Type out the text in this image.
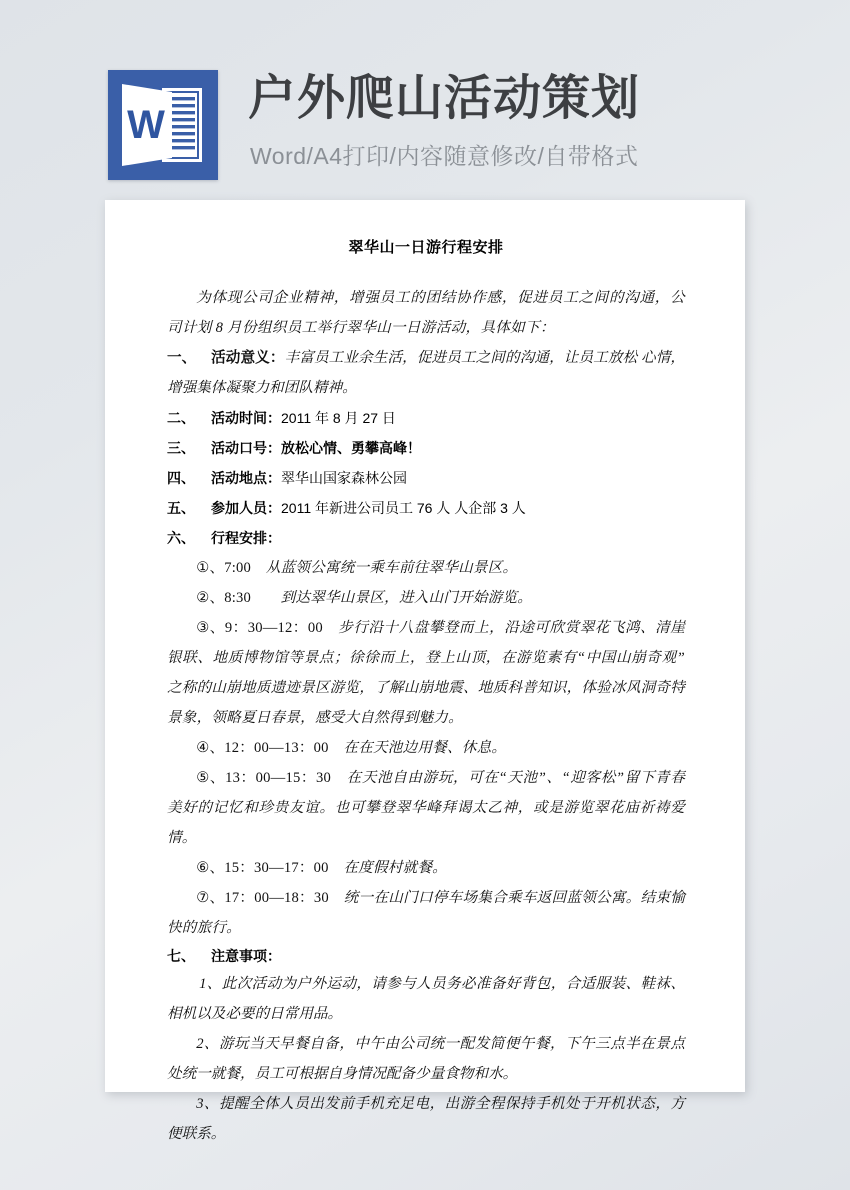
W 户外爬山活动策划
Word/A4打印/内容随意修改/自带格式
翠华山一日游行程安排

为体现公司企业精神，增强员工的团结协作感，促进员工之间的沟通，公司计划 8 月份组织员工举行翠华山一日游活动，具体如下：

一、 活动意义：丰富员工业余生活，促进员工之间的沟通，让员工放松 心情，增强集体凝聚力和团队精神。

二、 活动时间：2011 年 8 月 27 日

三、 活动口号：放松心情、勇攀高峰！

四、 活动地点：翠华山国家森林公园

五、 参加人员：2011 年新进公司员工 76 人 人企部 3 人

六、 行程安排：

①、7:00　 从蓝领公寓统一乘车前往翠华山景区。

②、8:30　　 到达翠华山景区，进入山门开始游览。

③、9：30—12：00　 步行沿十八盘攀登而上，沿途可欣赏翠花飞鸿、清崖银联、地质博物馆等景点；徐徐而上，登上山顶，在游览素有“中国山崩奇观”之称的山崩地质遗迹景区游览，了解山崩地震、地质科普知识，体验冰风洞奇特景象，领略夏日春景，感受大自然得到魅力。

④、12：00—13：00　 在在天池边用餐、休息。

⑤、13：00—15：30　 在天池自由游玩，可在“天池”、“迎客松”留下青春美好的记忆和珍贵友谊。也可攀登翠华峰拜谒太乙神，或是游览翠花庙祈祷爱情。

⑥、15：30—17：00　 在度假村就餐。

⑦、17：00—18：30　 统一在山门口停车场集合乘车返回蓝领公寓。结束愉快的旅行。

七、 注意事项：

1、此次活动为户外运动，请参与人员务必准备好背包，合适服装、鞋袜、相机以及必要的日常用品。

2、游玩当天早餐自备，中午由公司统一配发简便午餐，下午三点半在景点处统一就餐，员工可根据自身情况配备少量食物和水。

3、提醒全体人员出发前手机充足电，出游全程保持手机处于开机状态，方便联系。
